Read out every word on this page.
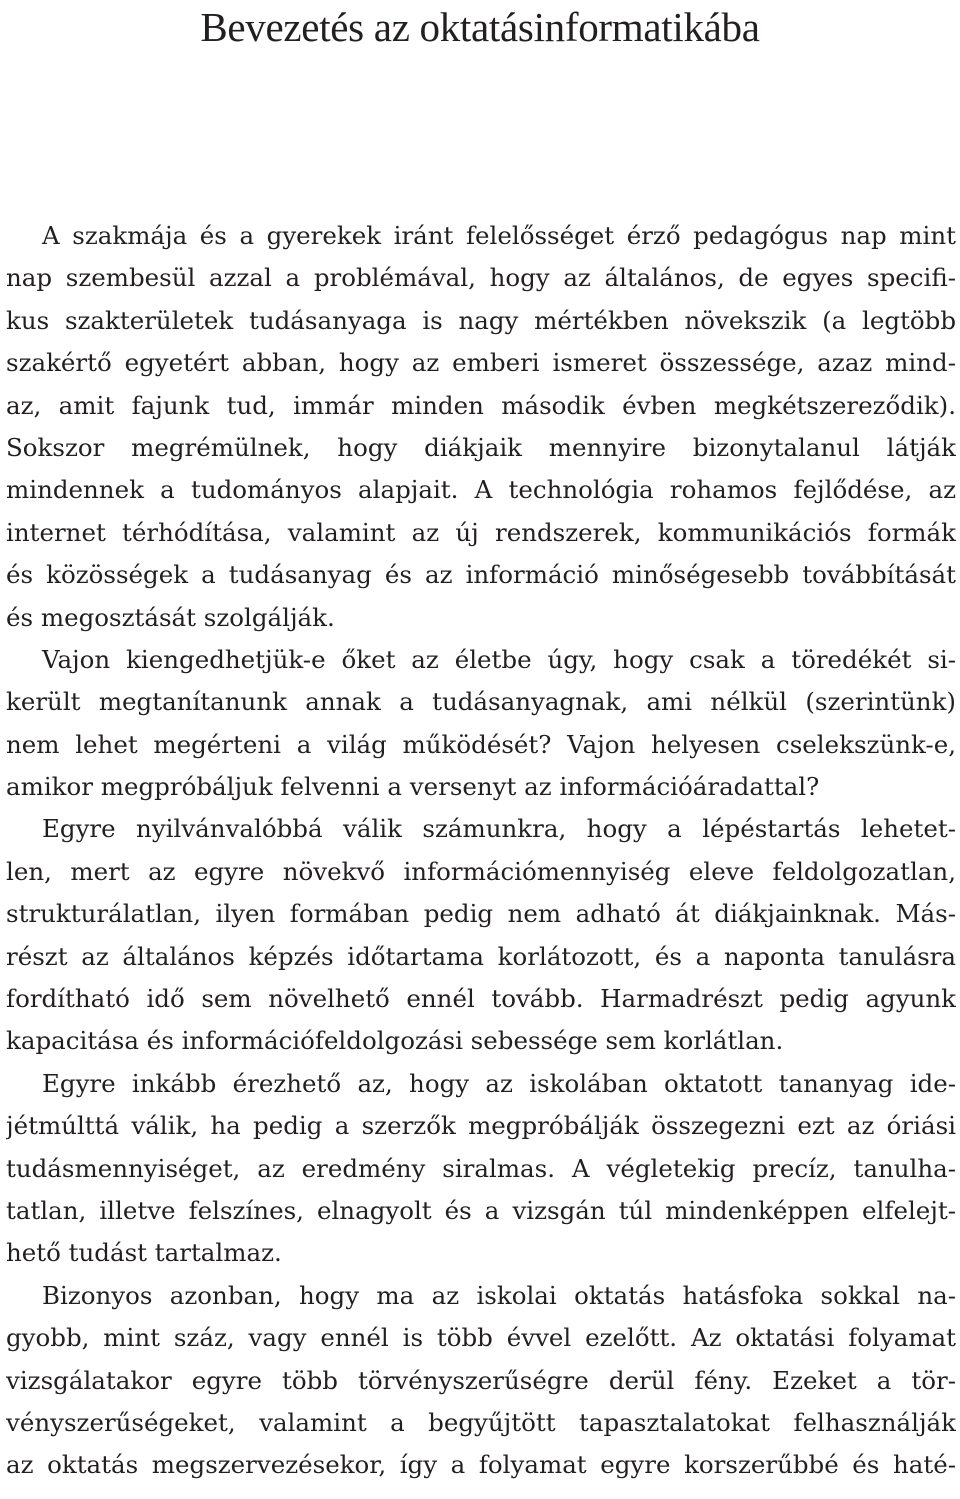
Bevezetés az oktatásinformatikába
A szakmája és a gyerekek iránt felelősséget érző pedagógus nap mint
nap szembesül azzal a problémával, hogy az általános, de egyes specifi-
kus szakterületek tudásanyaga is nagy mértékben növekszik (a legtöbb
szakértő egyetért abban, hogy az emberi ismeret összessége, azaz mind-
az, amit fajunk tud, immár minden második évben megkétszereződik).
Sokszor megrémülnek, hogy diákjaik mennyire bizonytalanul látják
mindennek a tudományos alapjait. A technológia rohamos fejlődése, az
internet térhódítása, valamint az új rendszerek, kommunikációs formák
és közösségek a tudásanyag és az információ minőségesebb továbbítását
és megosztását szolgálják.
Vajon kiengedhetjük-e őket az életbe úgy, hogy csak a töredékét si-
került megtanítanunk annak a tudásanyagnak, ami nélkül (szerintünk)
nem lehet megérteni a világ működését? Vajon helyesen cselekszünk-e,
amikor megpróbáljuk felvenni a versenyt az információáradattal?
Egyre nyilvánvalóbbá válik számunkra, hogy a lépéstartás lehetet-
len, mert az egyre növekvő információmennyiség eleve feldolgozatlan,
strukturálatlan, ilyen formában pedig nem adható át diákjainknak. Más-
részt az általános képzés időtartama korlátozott, és a naponta tanulásra
fordítható idő sem növelhető ennél tovább. Harmadrészt pedig agyunk
kapacitása és információfeldolgozási sebessége sem korlátlan.
Egyre inkább érezhető az, hogy az iskolában oktatott tananyag ide-
jétmúlttá válik, ha pedig a szerzők megpróbálják összegezni ezt az óriási
tudásmennyiséget, az eredmény siralmas. A végletekig precíz, tanulha-
tatlan, illetve felszínes, elnagyolt és a vizsgán túl mindenképpen elfelejt-
hető tudást tartalmaz.
Bizonyos azonban, hogy ma az iskolai oktatás hatásfoka sokkal na-
gyobb, mint száz, vagy ennél is több évvel ezelőtt. Az oktatási folyamat
vizsgálatakor egyre több törvényszerűségre derül fény. Ezeket a tör-
vényszerűségeket, valamint a begyűjtött tapasztalatokat felhasználják
az oktatás megszervezésekor, így a folyamat egyre korszerűbbé és haté-
